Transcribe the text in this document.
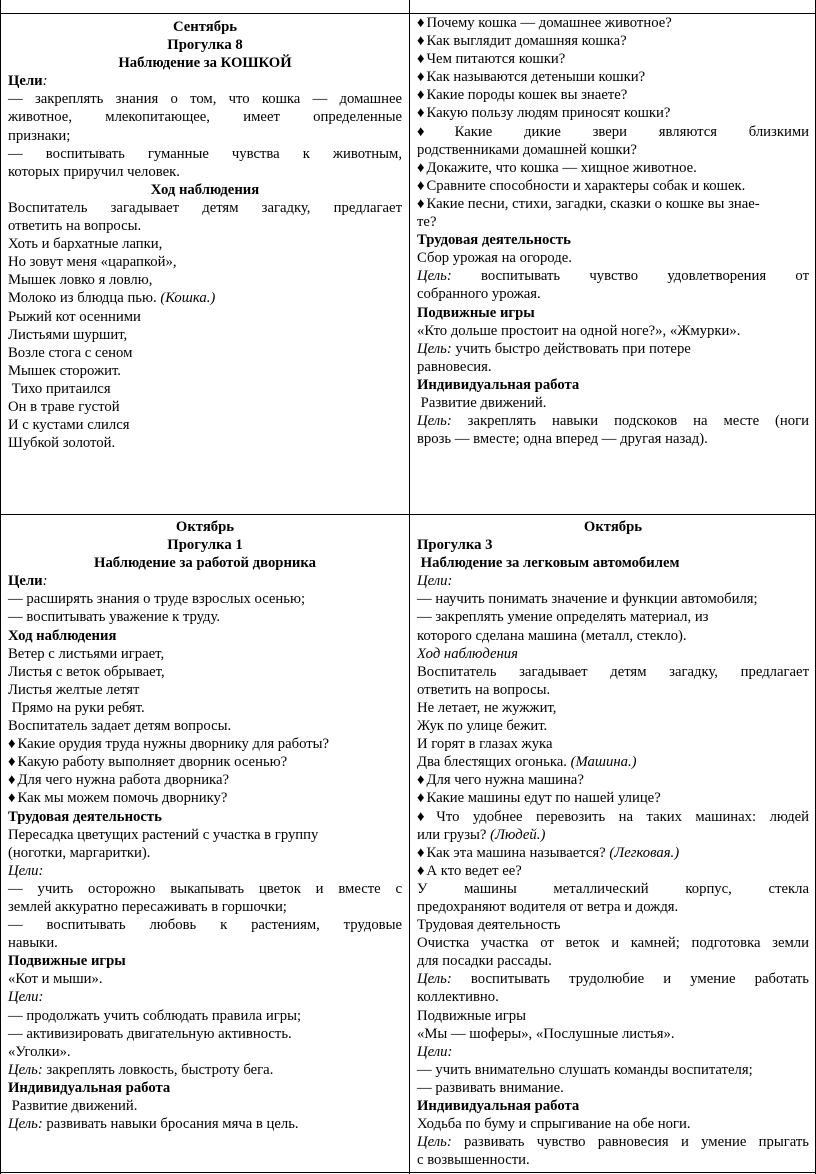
Сентябрь
Прогулка 8
Наблюдение за КОШКОЙ
Цели:
— закреплять знания о том, что кошка — домашнее
животное, млекопитающее, имеет определенные
признаки;
— воспитывать гуманные чувства к животным,
которых приручил человек.
Ход наблюдения
Воспитатель загадывает детям загадку, предлагает
ответить на вопросы.
Хоть и бархатные лапки,
Но зовут меня «царапкой»,
Мышек ловко я ловлю,
Молоко из блюдца пью. (Кошка.)
Рыжий кот осенними
Листьями шуршит,
Возле стога с сеном
Мышек сторожит.
Тихо притаился
Он в траве густой
И с кустами слился
Шубкой золотой.
♦ Почему кошка — домашнее животное?
♦ Как выглядит домашняя кошка?
♦ Чем питаются кошки?
♦ Как называются детеныши кошки?
♦ Какие породы кошек вы знаете?
♦ Какую пользу людям приносят кошки?
♦ Какие дикие звери являются близкими
родственниками домашней кошки?
♦ Докажите, что кошка — хищное животное.
♦ Сравните способности и характеры собак и кошек.
♦ Какие песни, стихи, загадки, сказки о кошке вы знаe-
те?
Трудовая деятельность
Сбор урожая на огороде.
Цель: воспитывать чувство удовлетворения от
собранного урожая.
Подвижные игры
«Кто дольше простоит на одной ноге?», «Жмурки».
Цель: учить быстро действовать при потере
равновесия.
Индивидуальная работа
Развитие движений.
Цель: закреплять навыки подскоков на месте (ноги
врозь — вместе; одна вперед — другая назад).
Октябрь
Прогулка 1
Наблюдение за работой дворника
Цели:
— расширять знания о труде взрослых осенью;
— воспитывать уважение к труду.
Ход наблюдения
Ветер с листьями играет,
Листья с веток обрывает,
Листья желтые летят
Прямо на руки ребят.
Воспитатель задает детям вопросы.
♦ Какие орудия труда нужны дворнику для работы?
♦ Какую работу выполняет дворник осенью?
♦ Для чего нужна работа дворника?
♦ Как мы можем помочь дворнику?
Трудовая деятельность
Пересадка цветущих растений с участка в группу
(ноготки, маргаритки).
Цели:
— учить осторожно выкапывать цветок и вместе с
землей аккуратно пересаживать в горшочки;
— воспитывать любовь к растениям, трудовые
навыки.
Подвижные игры
«Кот и мыши».
Цели:
— продолжать учить соблюдать правила игры;
— активизировать двигательную активность.
«Уголки».
Цель: закреплять ловкость, быстроту бега.
Индивидуальная работа
Развитие движений.
Цель: развивать навыки бросания мяча в цель.
Октябрь
Прогулка 3
Наблюдение за легковым автомобилем
Цели:
— научить понимать значение и функции автомобиля;
— закреплять умение определять материал, из
которого сделана машина (металл, стекло).
Ход наблюдения
Воспитатель загадывает детям загадку, предлагает
ответить на вопросы.
Не летает, не жужжит,
Жук по улице бежит.
И горят в глазах жука
Два блестящих огонька. (Машина.)
♦ Для чего нужна машина?
♦ Какие машины едут по нашей улице?
♦ Что удобнее перевозить на таких машинах: людей
или грузы? (Людей.)
♦ Как эта машина называется? (Легковая.)
♦ А кто ведет ее?
У машины металлический корпус, стекла
предохраняют водителя от ветра и дождя.
Трудовая деятельность
Очистка участка от веток и камней; подготовка земли
для посадки рассады.
Цель: воспитывать трудолюбие и умение работать
коллективно.
Подвижные игры
«Мы — шоферы», «Послушные листья».
Цели:
— учить внимательно слушать команды воспитателя;
— развивать внимание.
Индивидуальная работа
Ходьба по буму и спрыгивание на обе ноги.
Цель: развивать чувство равновесия и умение прыгать
с возвышенности.
